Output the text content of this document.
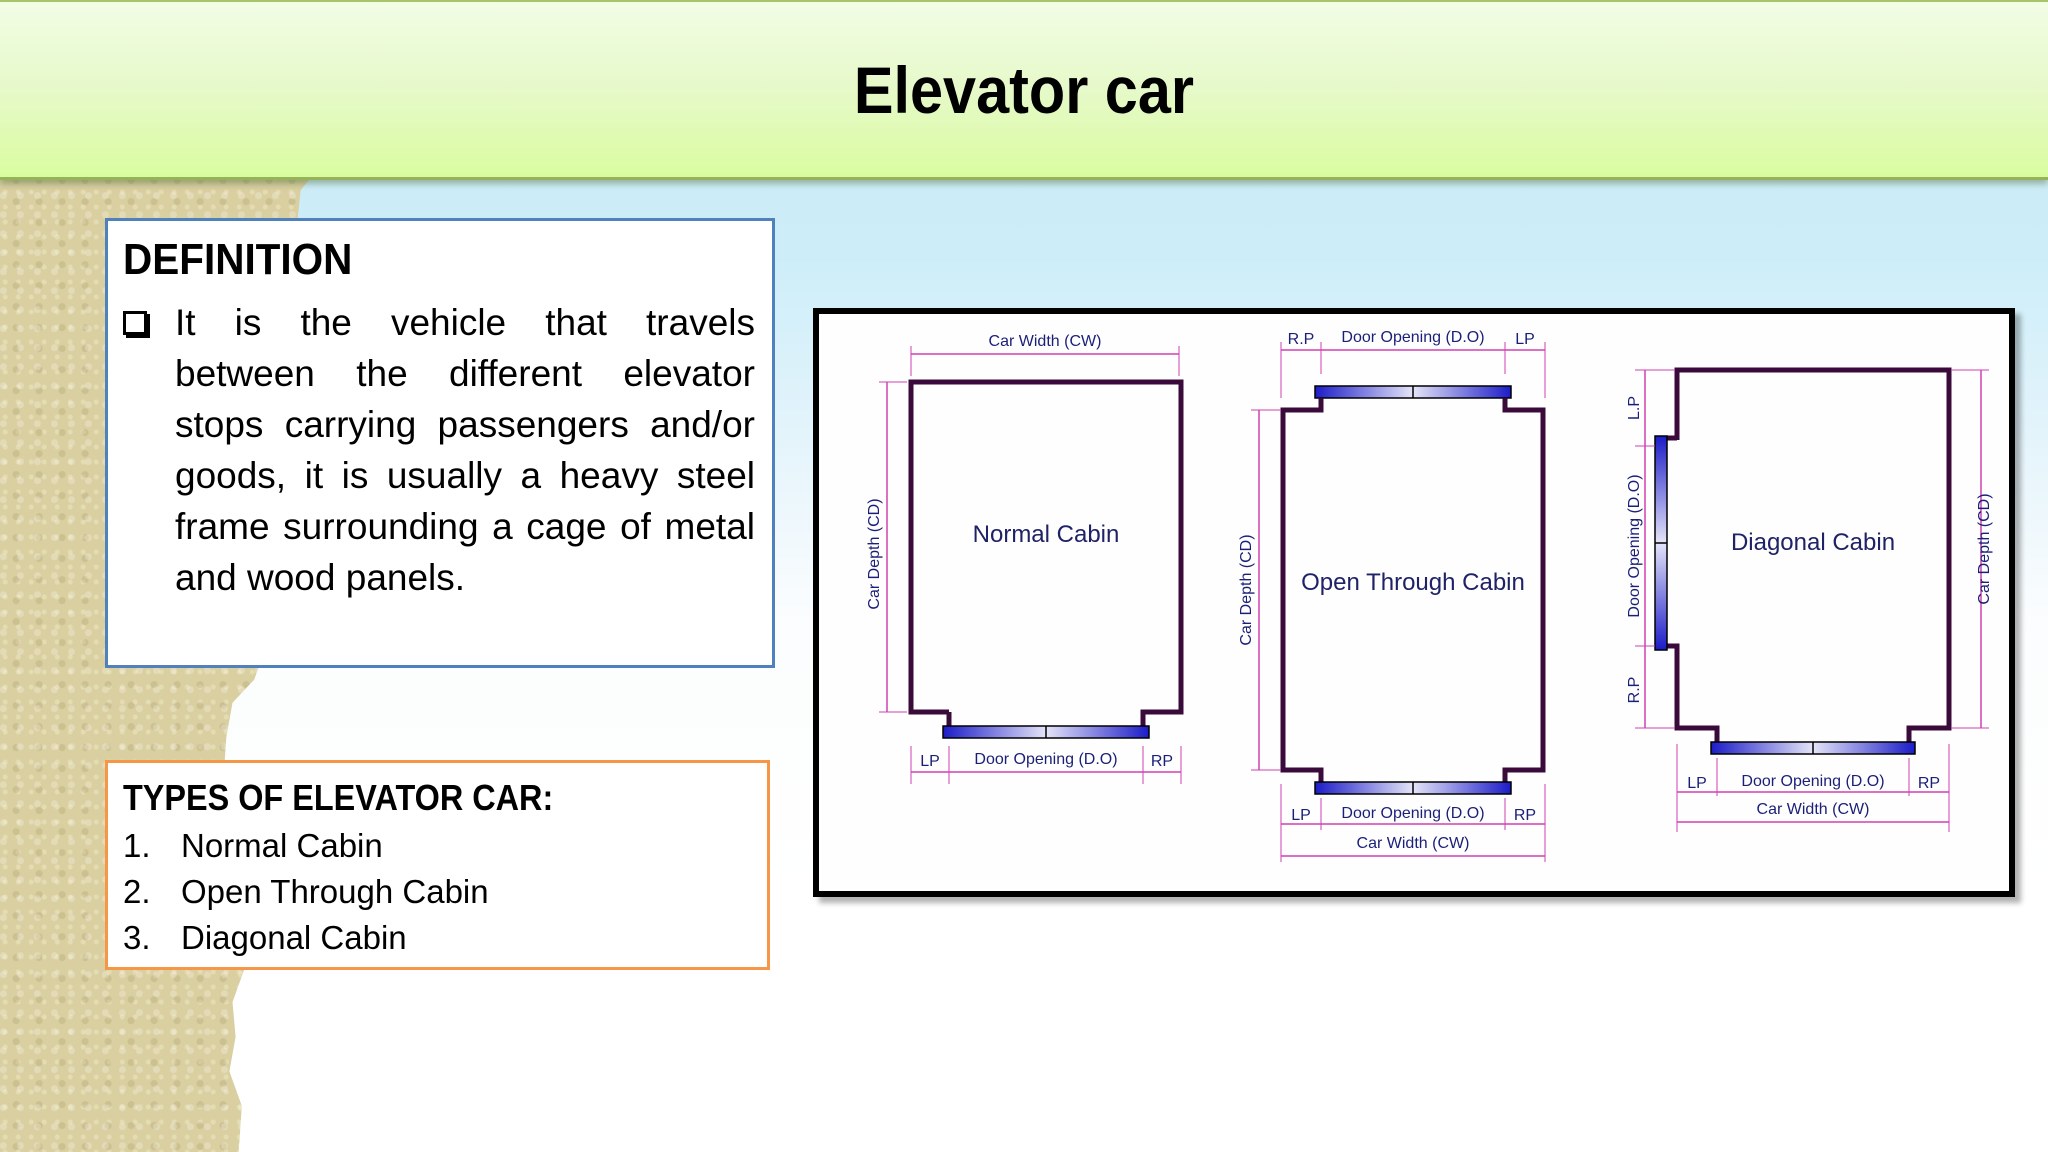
Elevator car
DEFINITION
It is the vehicle that travels between the different elevator stops carrying passengers and/or goods, it is usually a heavy steel frame surrounding a cage of metal and wood panels.
TYPES OF ELEVATOR CAR:
1. Normal Cabin
2. Open Through Cabin
3. Diagonal Cabin
Car Width (CW)
Car Depth (CD)
LP Door Opening (D.O) RP
Normal Cabin
R.P Door Opening (D.O) LP
Car Depth (CD)
LP Door Opening (D.O) RP
Car Width (CW)
Open Through Cabin
L.P
Door Opening (D.O)
R.P
Car Depth (CD)
LP Door Opening (D.O) RP
Car Width (CW)
Diagonal Cabin
